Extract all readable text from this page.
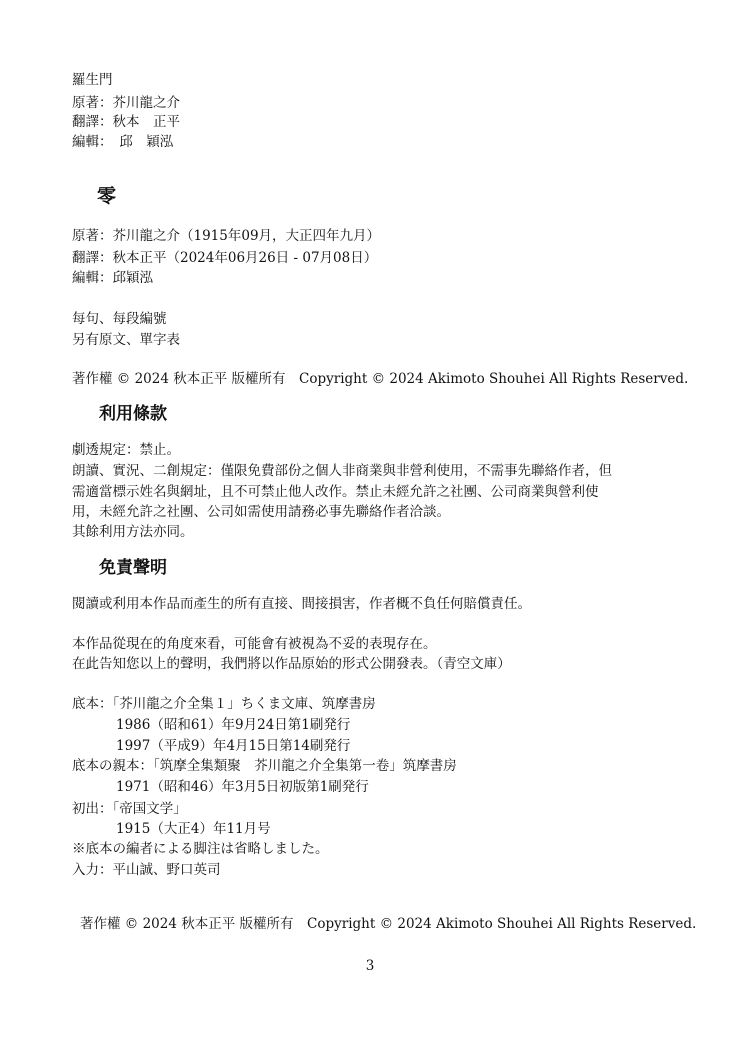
羅生門
原著：芥川龍之介
翻譯：秋本　正平
編輯：　邱　穎泓
零
原著：芥川龍之介（1915年09月，大正四年九月）
翻譯：秋本正平（2024年06月26日 - 07月08日）
編輯：邱穎泓
每句、每段編號
另有原文、單字表
著作權 © 2024 秋本正平 版權所有　Copyright © 2024 Akimoto Shouhei All Rights Reserved.
利用條款
劇透規定：禁止。
朗讀、實況、二創規定：僅限免費部份之個人非商業與非營利使用，不需事先聯絡作者，但
需適當標示姓名與網址，且不可禁止他人改作。禁止未經允許之社團、公司商業與營利使
用，未經允許之社團、公司如需使用請務必事先聯絡作者洽談。
其餘利用方法亦同。
免責聲明
閱讀或利用本作品而產生的所有直接、間接損害，作者概不負任何賠償責任。
本作品從現在的角度來看，可能會有被視為不妥的表現存在。
在此告知您以上的聲明，我們將以作品原始的形式公開發表。（青空文庫）
底本：「芥川龍之介全集１」ちくま文庫、筑摩書房
1986（昭和61）年9月24日第1刷発行
1997（平成9）年4月15日第14刷発行
底本の親本：「筑摩全集類聚　芥川龍之介全集第一卷」筑摩書房
1971（昭和46）年3月5日初版第1刷発行
初出：「帝国文学」
1915（大正4）年11月号
※底本の編者による脚注は省略しました。
入力：平山誠、野口英司
著作權 © 2024 秋本正平 版權所有　Copyright © 2024 Akimoto Shouhei All Rights Reserved.
3
